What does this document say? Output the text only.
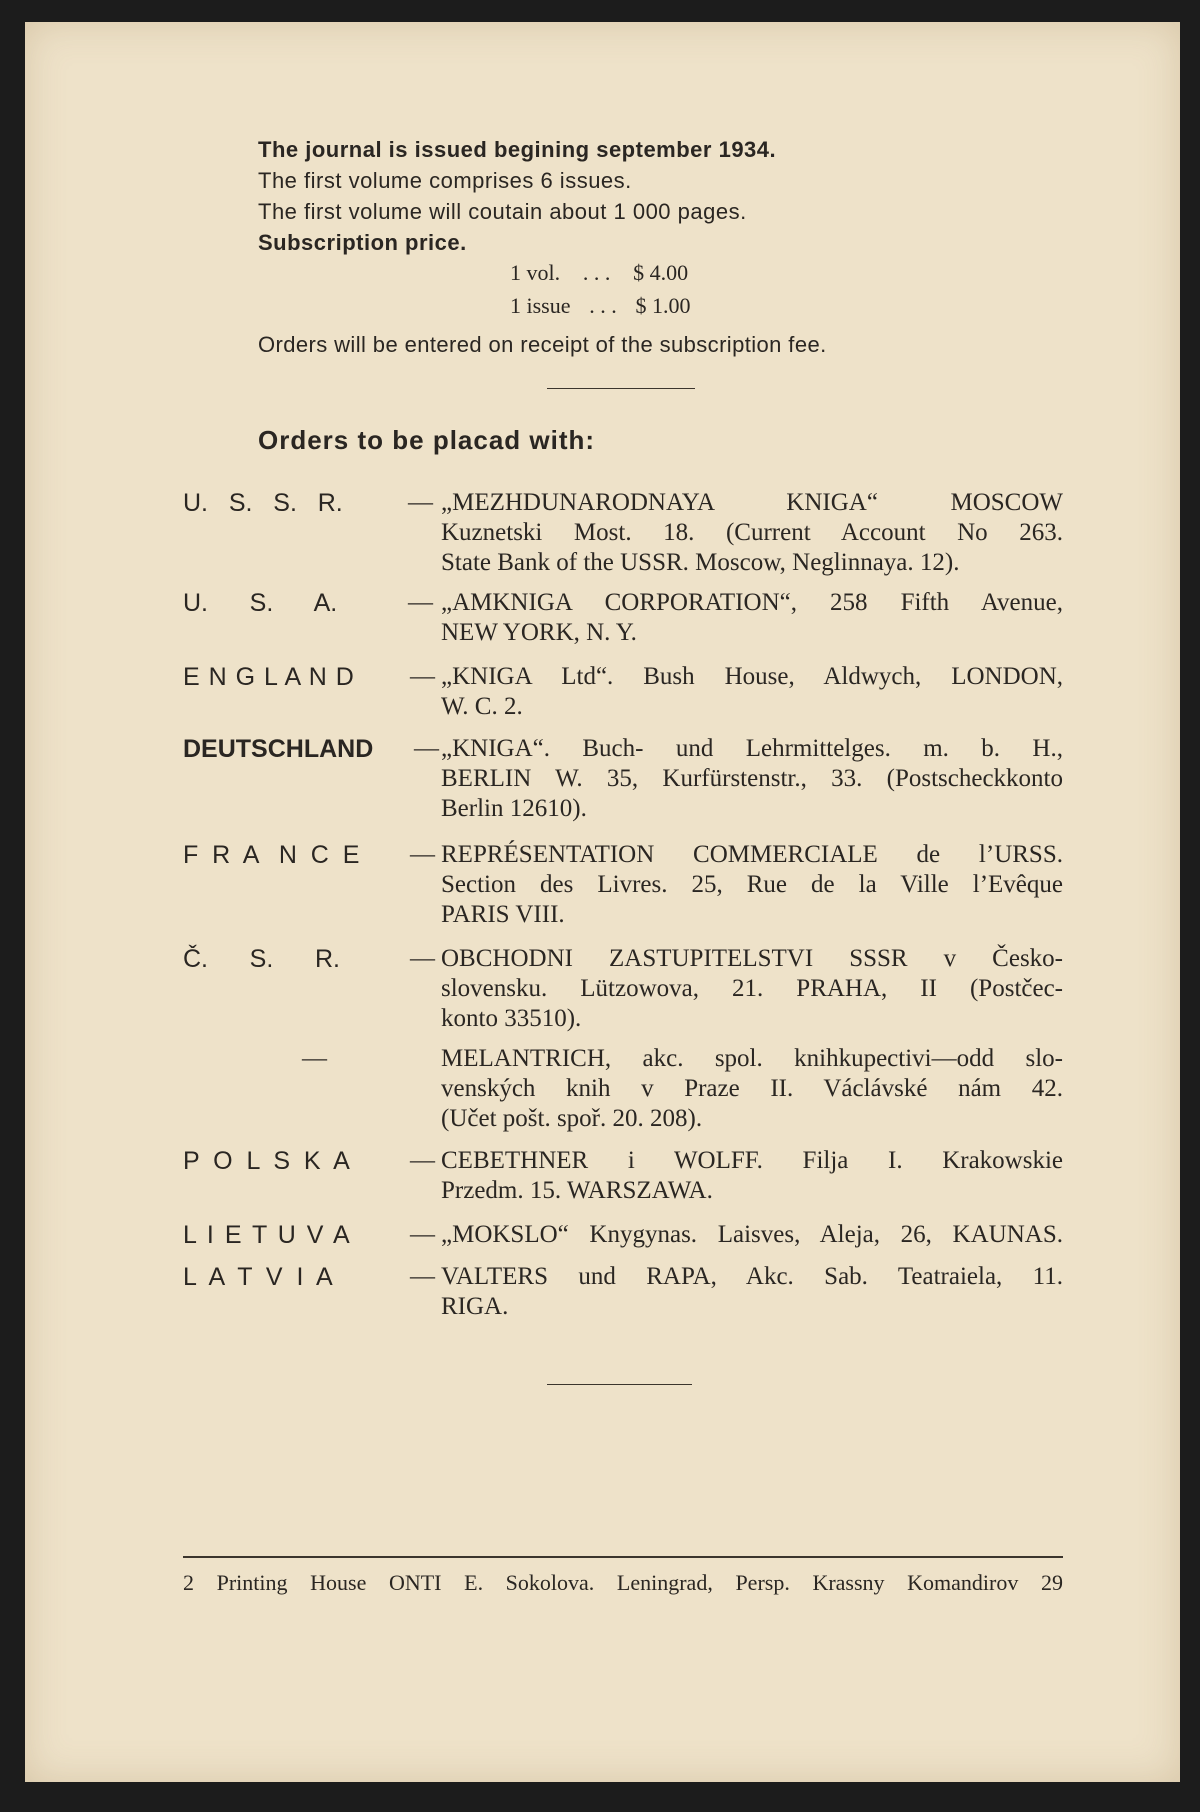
The journal is issued begining september 1934.
The first volume comprises 6 issues.
The first volume will coutain about 1 000 pages.
Subscription price.
1 vol. . . . $ 4.00
1 issue . . . $ 1.00
Orders will be entered on receipt of the subscription fee.
Orders to be placad with:
U.   S.   S.   R.	— „MEZHDUNARODNAYA KNIGA“ MOSCOW
Kuznetski Most. 18. (Current Account No 263.
State Bank of the USSR. Moscow, Neglinnaya. 12).
U.      S.      A.	— „AMKNIGA CORPORATION“, 258 Fifth Avenue,
NEW YORK, N. Y.
E N G L A N D	— „KNIGA Ltd“. Bush House, Aldwych, LONDON,
W. C. 2.
DEUTSCHLAND	— „KNIGA“. Buch- und Lehrmittelges. m. b. H.,
BERLIN W. 35, Kurfürstenstr., 33. (Postscheckkonto
Berlin 12610).
F  R  A   N  C  E	— REPRÉSENTATION COMMERCIALE de l’URSS.
Section des Livres. 25, Rue de la Ville l’Evêque
PARIS VIII.
Č.      S.      R.	— OBCHODNI ZASTUPITELSTVI SSSR v Česko-
slovensku. Lützowova, 21. PRAHA, II (Postčec-
konto 33510).
—	MELANTRICH, akc. spol. knihkupectivi—odd slo-
venských knih v Praze II. Václávské nám 42.
(Učet pošt. spoř. 20. 208).
P  O  L  S  K  A	— CEBETHNER i WOLFF. Filja I. Krakowskie
Przedm. 15. WARSZAWA.
L I E T U V A	— „MOKSLO“ Knygynas. Laisves, Aleja, 26, KAUNAS.
L  A  T  V  I  A	— VALTERS und RAPA, Akc. Sab. Teatraiela, 11.
RIGA.
2 Printing House ONTI E. Sokolova. Leningrad, Persp. Krassny Komandirov 29
